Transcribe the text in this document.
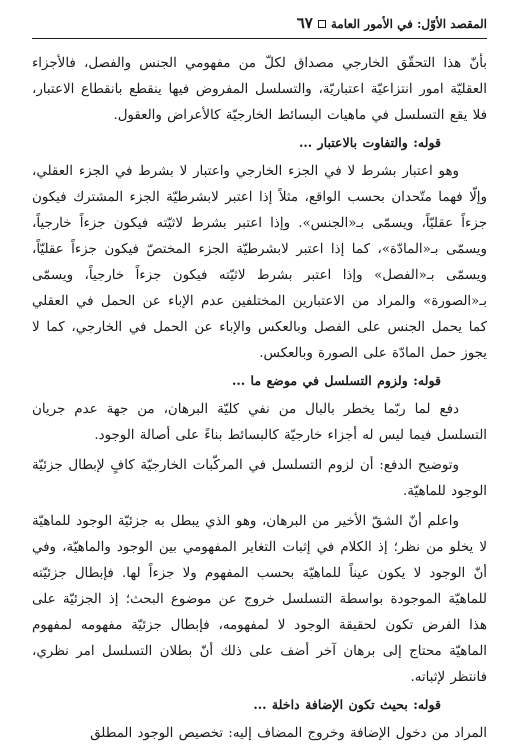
المقصد الأوّل: في الأمور العامة
٦٧

بأنّ هذا التحقّق الخارجي مصداق لكلّ من مفهومي الجنس والفصل، فالأجزاء العقليّة امور انتزاعيّة اعتباريّة، والتسلسل المفروض فيها ينقطع بانقطاع الاعتبار، فلا يقع التسلسل في ماهيات البسائط الخارجيّة كالأعراض والعقول.

قوله: والتفاوت بالاعتبار ...

وهو اعتبار بشرط لا في الجزء الخارجي واعتبار لا بشرط في الجزء العقلي، وإلّا فهما متّحدان بحسب الواقع، مثلاً إذا اعتبر لابشرطيّة الجزء المشترك فيكون جزءاً عقليّاً، ويسمّى بـ«الجنس». وإذا اعتبر بشرط لاثيّته فيكون جزءاً خارجياً، ويسمّى بـ«المادّة»، كما إذا اعتبر لابشرطيّة الجزء المختصّ فيكون جزءاً عقليّاً، ويسمّى بـ«الفصل» وإذا اعتبر بشرط لاثيّته فيكون جزءاً خارجياً، ويسمّى بـ«الصورة» والمراد من الاعتبارين المختلفين عدم الإباء عن الحمل في العقلي كما يحمل الجنس على الفصل وبالعكس والإباء عن الحمل في الخارجي، كما لا يجوز حمل المادّة على الصورة وبالعكس.

قوله: ولزوم التسلسل في موضع ما ...

دفع لما ربّما يخطر بالبال من نفي كليّة البرهان، من جهة عدم جريان التسلسل فيما ليس له أجزاء خارجيّة كالبسائط بناءً على أصالة الوجود.

وتوضيح الدفع: أن لزوم التسلسل في المركّبات الخارجيّة كافٍ لإبطال جزئيّة الوجود للماهيّة.

واعلم أنّ الشقّ الأخير من البرهان، وهو الذي يبطل به جزئيّة الوجود للماهيّة لا يخلو من نظر؛ إذ الكلام في إثبات التغاير المفهومي بين الوجود والماهيّة، وفي أنّ الوجود لا يكون عيناً للماهيّة بحسب المفهوم ولا جزءاً لها. فإبطال جزئيّته للماهيّة الموجودة بواسطة التسلسل خروج عن موضوع البحث؛ إذ الجزئيّة على هذا الفرض تكون لحقيقة الوجود لا لمفهومه، فإبطال جزئيّة مفهومه لمفهوم الماهيّة محتاج إلى برهان آخر أضف على ذلك أنّ بطلان التسلسل امر نظري، فانتظر لإثباته.

قوله: بحيث تكون الإضافة داخلة ...

المراد من دخول الإضافة وخروج المضاف إليه: تخصيص الوجود المطلق
